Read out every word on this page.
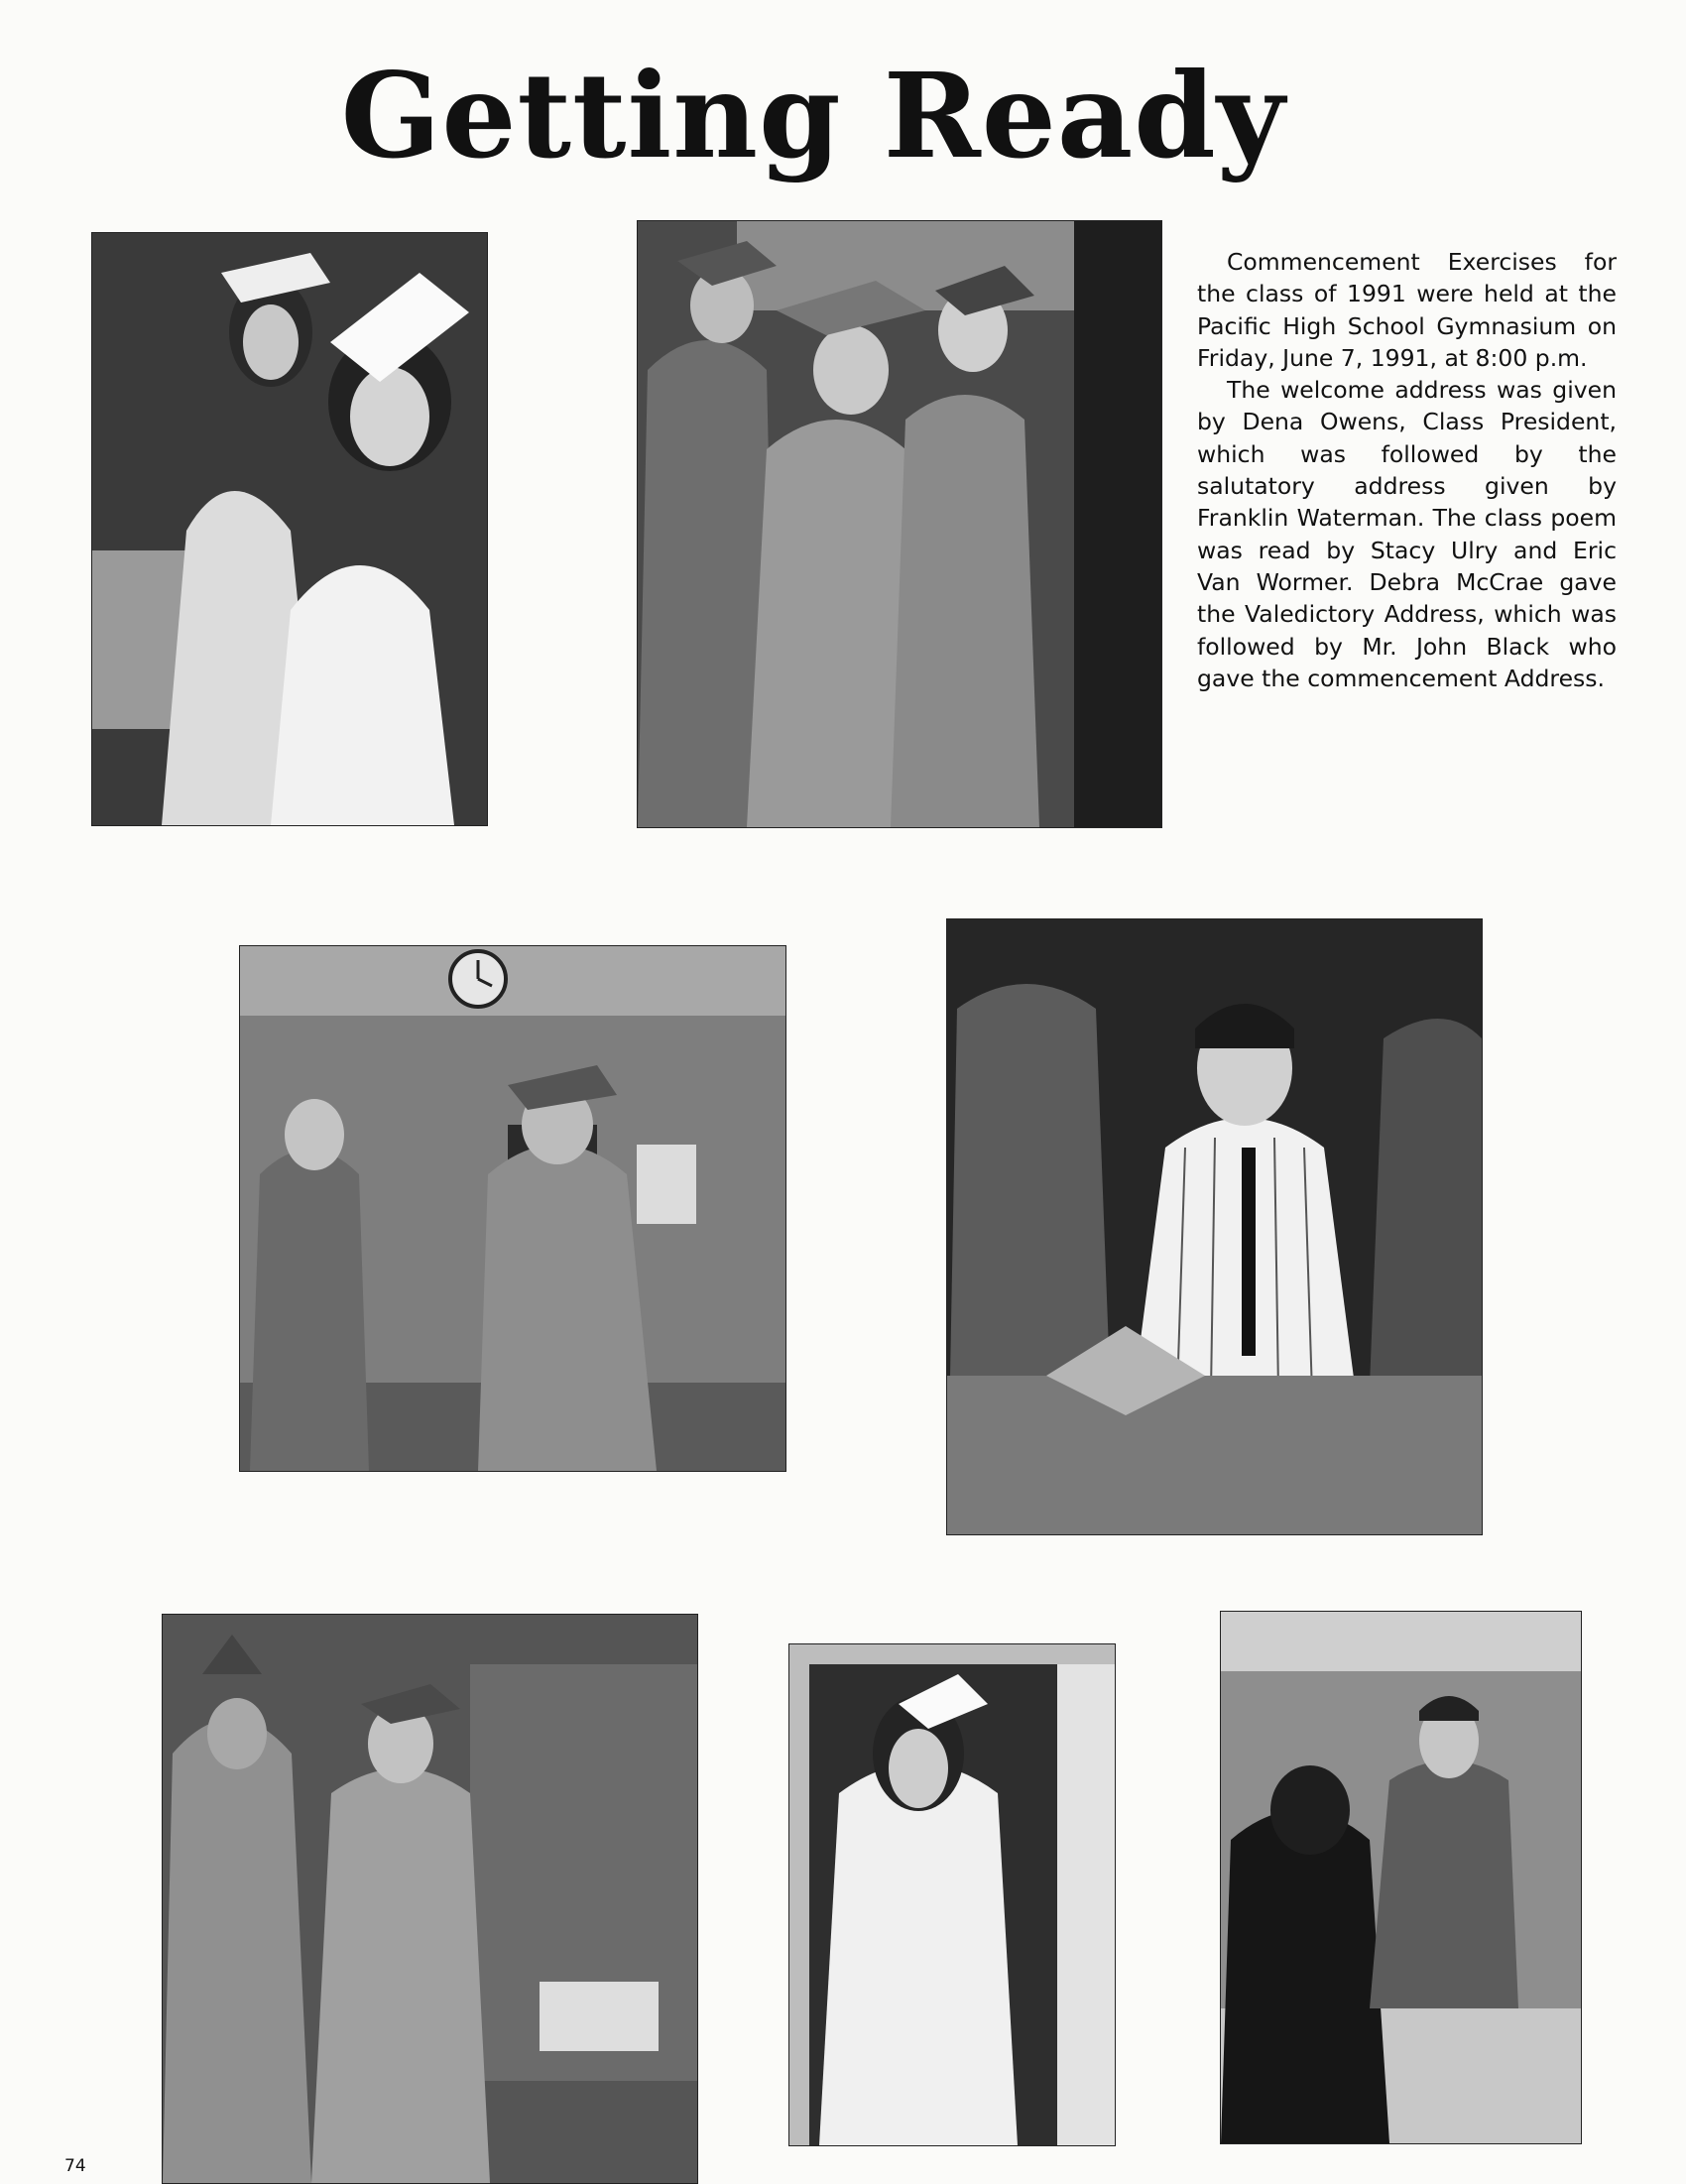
Getting Ready

Commencement Exercises for the class of 1991 were held at the Pacific High School Gymnasium on Friday, June 7, 1991, at 8:00 p.m.

The welcome address was given by Dena Owens, Class President, which was followed by the salutatory address given by Franklin Waterman. The class poem was read by Stacy Ulry and Eric Van Wormer. Debra McCrae gave the Valedictory Address, which was followed by Mr. John Black who gave the commencement Address.

74
